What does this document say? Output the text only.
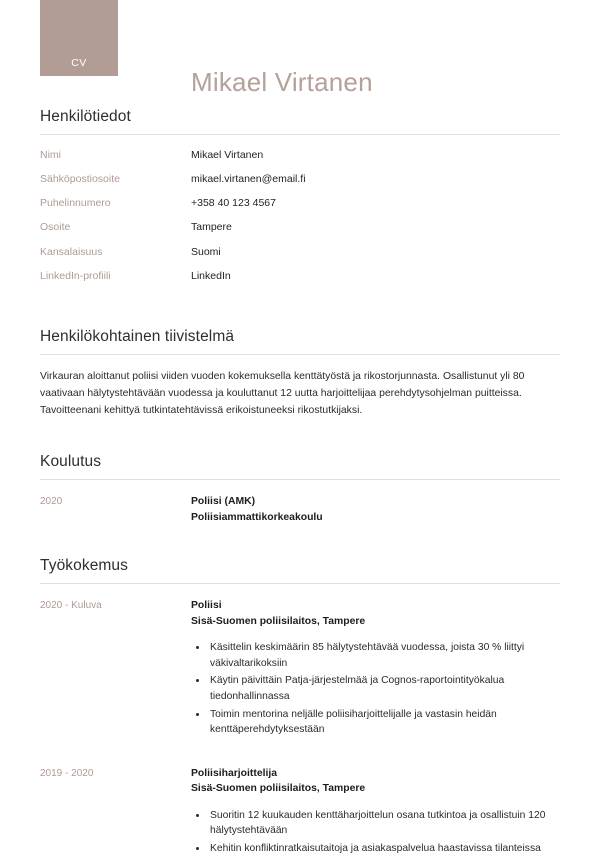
CV
Mikael Virtanen
Henkilötiedot
Nimi	Mikael Virtanen
Sähköpostiosoite	mikael.virtanen@email.fi
Puhelinnumero	+358 40 123 4567
Osoite	Tampere
Kansalaisuus	Suomi
LinkedIn-profiili	LinkedIn
Henkilökohtainen tiivistelmä

Virkauran aloittanut poliisi viiden vuoden kokemuksella kenttätyöstä ja rikostorjunnasta. Osallistunut yli 80 vaativaan hälytystehtävään vuodessa ja kouluttanut 12 uutta harjoittelijaa perehdytysohjelman puitteissa. Tavoitteenani kehittyä tutkintatehtävissä erikoistuneeksi rikostutkijaksi.

Koulutus
2020	Poliisi (AMK)
Poliisiammattikorkeakoulu
Työkokemus
2020 - Kuluva	Poliisi
Sisä-Suomen poliisilaitos, Tampere
• Käsittelin keskimäärin 85 hälytystehtävää vuodessa, joista 30 % liittyi väkivaltarikoksiin
• Käytin päivittäin Patja-järjestelmää ja Cognos-raportointityökalua tiedonhallinnassa
• Toimin mentorina neljälle poliisiharjoittelijalle ja vastasin heidän kenttäperehdytyksestään
2019 - 2020	Poliisiharjoittelija
Sisä-Suomen poliisilaitos, Tampere
• Suoritin 12 kuukauden kenttäharjoittelun osana tutkintoa ja osallistuin 120 hälytystehtävään
• Kehitin konfliktinratkaisutaitoja ja asiakaspalvelua haastavissa tilanteissa
